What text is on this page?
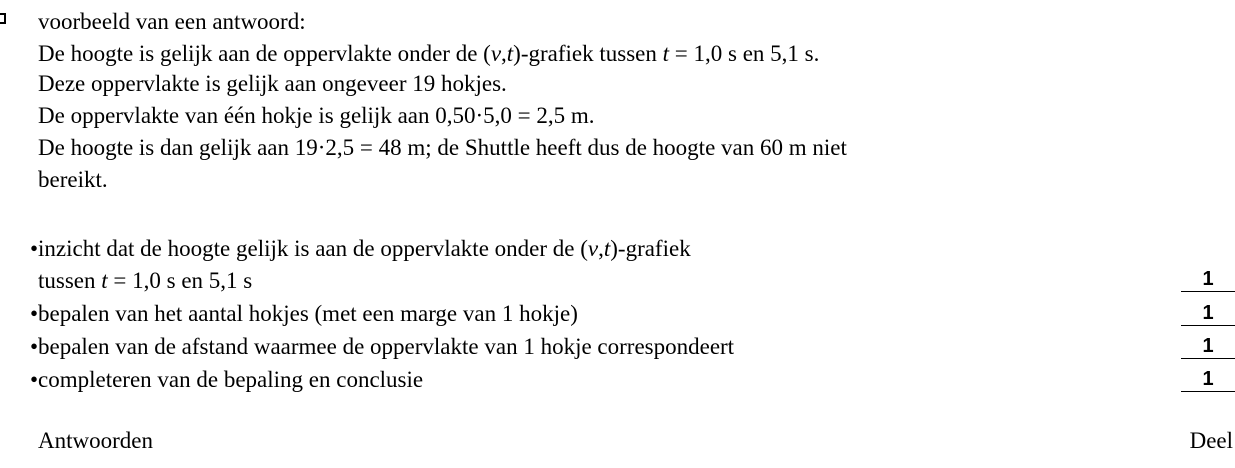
voorbeeld van een antwoord:
De hoogte is gelijk aan de oppervlakte onder de (v,t)-grafiek tussen t = 1,0 s en 5,1 s.
Deze oppervlakte is gelijk aan ongeveer 19 hokjes.
De oppervlakte van één hokje is gelijk aan 0,50·5,0 = 2,5 m.
De hoogte is dan gelijk aan 19·2,5 = 48 m; de Shuttle heeft dus de hoogte van 60 m niet
bereikt.
•inzicht dat de hoogte gelijk is aan de oppervlakte onder de (v,t)-grafiek
tussen t = 1,0 s en 5,1 s	1
•bepalen van het aantal hokjes (met een marge van 1 hokje)	1
•bepalen van de afstand waarmee de oppervlakte van 1 hokje correspondeert	1
•completeren van de bepaling en conclusie	1
Antwoorden	Deel
